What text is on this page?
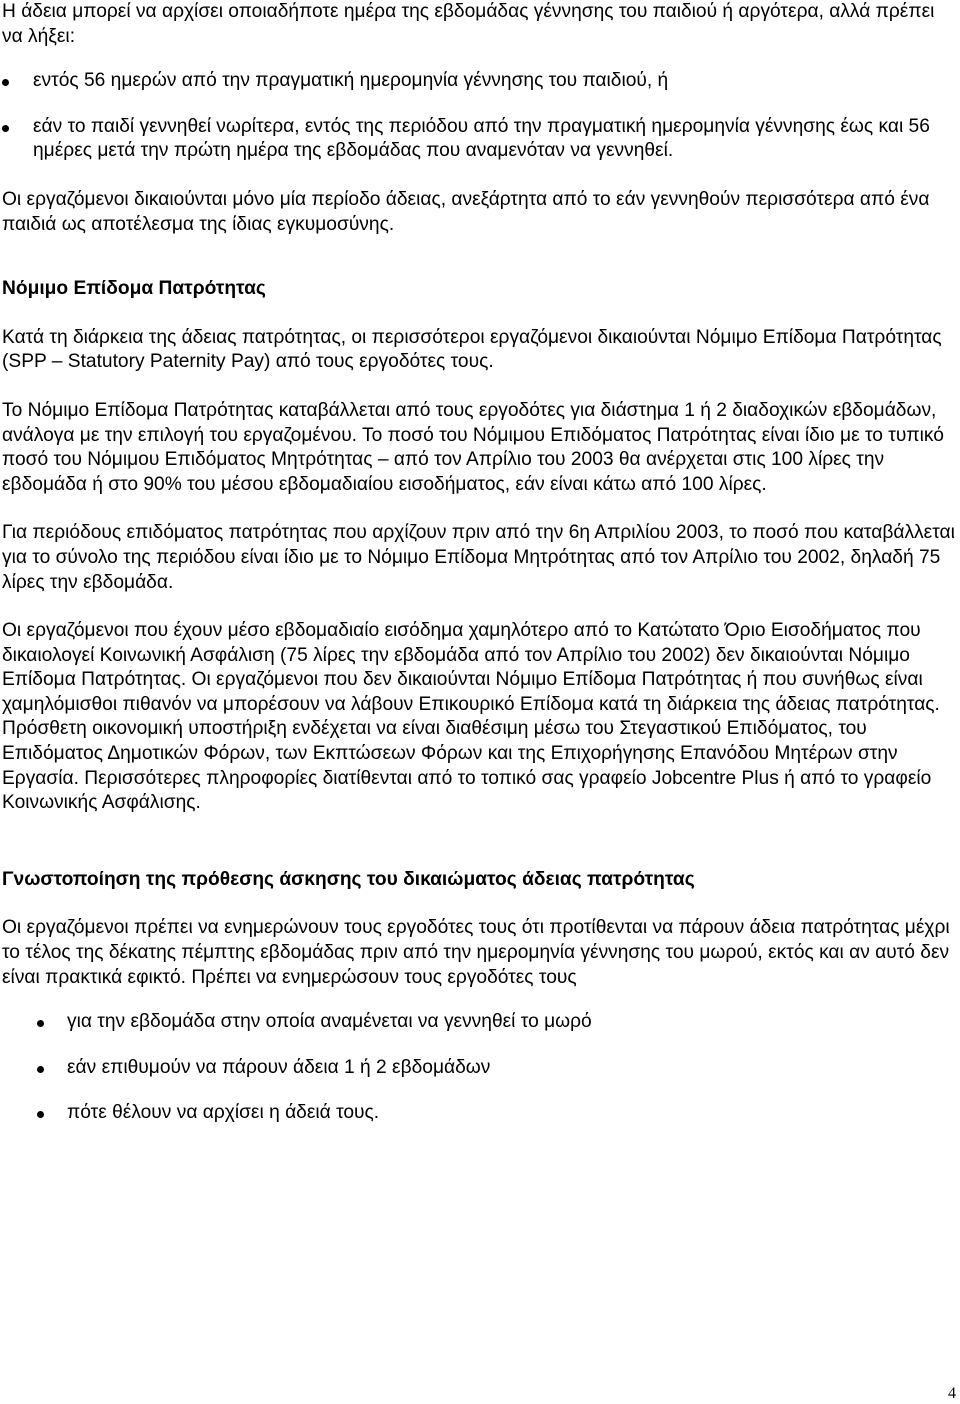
Η άδεια μπορεί να αρχίσει οποιαδήποτε ημέρα της εβδομάδας γέννησης του παιδιού ή αργότερα, αλλά πρέπει να λήξει:

εντός 56 ημερών από την πραγματική ημερομηνία γέννησης του παιδιού, ή
εάν το παιδί γεννηθεί νωρίτερα, εντός της περιόδου από την πραγματική ημερομηνία γέννησης έως και 56 ημέρες μετά την πρώτη ημέρα της εβδομάδας που αναμενόταν να γεννηθεί.

Οι εργαζόμενοι δικαιούνται μόνο μία περίοδο άδειας, ανεξάρτητα από το εάν γεννηθούν περισσότερα από ένα παιδιά ως αποτέλεσμα της ίδιας εγκυμοσύνης.

Νόμιμο Επίδομα Πατρότητας

Κατά τη διάρκεια της άδειας πατρότητας, οι περισσότεροι εργαζόμενοι δικαιούνται Νόμιμο Επίδομα Πατρότητας (SPP – Statutory Paternity Pay) από τους εργοδότες τους.

Το Νόμιμο Επίδομα Πατρότητας καταβάλλεται από τους εργοδότες για διάστημα 1 ή 2 διαδοχικών εβδομάδων, ανάλογα με την επιλογή του εργαζομένου. Το ποσό του Νόμιμου Επιδόματος Πατρότητας είναι ίδιο με το τυπικό ποσό του Νόμιμου Επιδόματος Μητρότητας – από τον Απρίλιο του 2003 θα ανέρχεται στις 100 λίρες την εβδομάδα ή στο 90% του μέσου εβδομαδιαίου εισοδήματος, εάν είναι κάτω από 100 λίρες.

Για περιόδους επιδόματος πατρότητας που αρχίζουν πριν από την 6η Απριλίου 2003, το ποσό που καταβάλλεται για το σύνολο της περιόδου είναι ίδιο με το Νόμιμο Επίδομα Μητρότητας από τον Απρίλιο του 2002, δηλαδή 75 λίρες την εβδομάδα.

Οι εργαζόμενοι που έχουν μέσο εβδομαδιαίο εισόδημα χαμηλότερο από το Κατώτατο Όριο Εισοδήματος που δικαιολογεί Κοινωνική Ασφάλιση (75 λίρες την εβδομάδα από τον Απρίλιο του 2002) δεν δικαιούνται Νόμιμο Επίδομα Πατρότητας. Οι εργαζόμενοι που δεν δικαιούνται Νόμιμο Επίδομα Πατρότητας ή που συνήθως είναι χαμηλόμισθοι πιθανόν να μπορέσουν να λάβουν Επικουρικό Επίδομα κατά τη διάρκεια της άδειας πατρότητας. Πρόσθετη οικονομική υποστήριξη ενδέχεται να είναι διαθέσιμη μέσω του Στεγαστικού Επιδόματος, του Επιδόματος Δημοτικών Φόρων, των Εκπτώσεων Φόρων και της Επιχορήγησης Επανόδου Μητέρων στην Εργασία. Περισσότερες πληροφορίες διατίθενται από το τοπικό σας γραφείο Jobcentre Plus ή από το γραφείο Κοινωνικής Ασφάλισης.

Γνωστοποίηση της πρόθεσης άσκησης του δικαιώματος άδειας πατρότητας

Οι εργαζόμενοι πρέπει να ενημερώνουν τους εργοδότες τους ότι προτίθενται να πάρουν άδεια πατρότητας μέχρι το τέλος της δέκατης πέμπτης εβδομάδας πριν από την ημερομηνία γέννησης του μωρού, εκτός και αν αυτό δεν είναι πρακτικά εφικτό. Πρέπει να ενημερώσουν τους εργοδότες τους

για την εβδομάδα στην οποία αναμένεται να γεννηθεί το μωρό
εάν επιθυμούν να πάρουν άδεια 1 ή 2 εβδομάδων
πότε θέλουν να αρχίσει η άδειά τους.
4
